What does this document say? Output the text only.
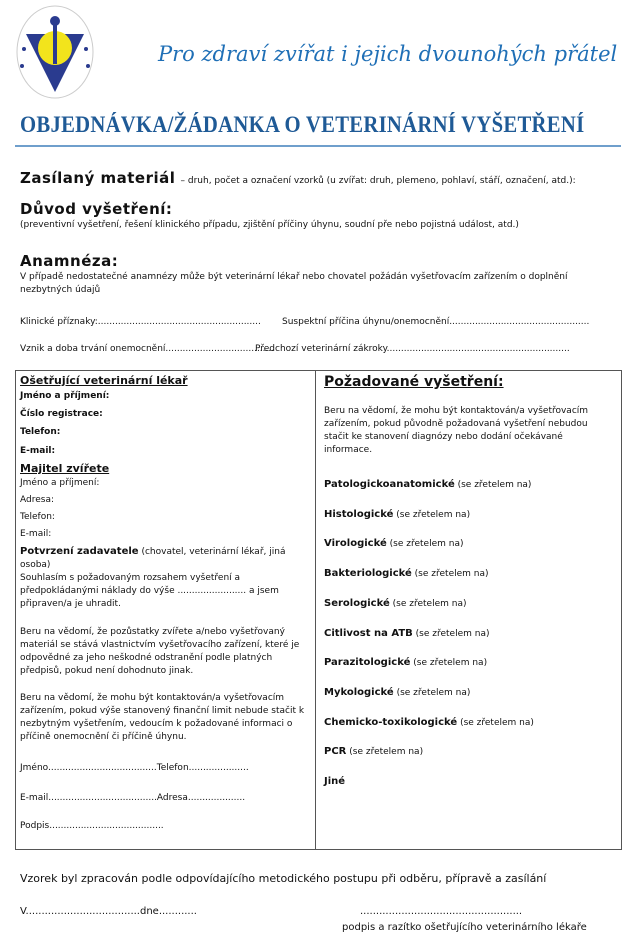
Pro zdraví zvířat i jejich dvounohých přátel
OBJEDNÁVKA/ŽÁDANKA O VETERINÁRNÍ VYŠETŘENÍ
Zasílaný materiál – druh, počet a označení vzorků (u zvířat: druh, plemeno, pohlaví, stáří, označení, atd.):
Důvod vyšetření:
(preventivní vyšetření, řešení klinického případu, zjištění příčiny úhynu, soudní pře nebo pojistná událost, atd.)
Anamnéza:
V případě nedostatečné anamnézy může být veterinární lékař nebo chovatel požádán vyšetřovacím zařízením o doplnění nezbytných údajů
Klinické příznaky:......................................................... Suspektní příčina úhynu/onemocnění.................................................
Vznik a doba trvání onemocnění......................................
Předchozí veterinární zákroky................................................................
Ošetřující veterinární lékař
Jméno a příjmení:
Číslo registrace:
Telefon:
E-mail:
Majitel zvířete
Jméno a příjmení:
Adresa:
Telefon:
E-mail:
Potvrzení zadavatele (chovatel, veterinární lékař, jiná osoba)
Souhlasím s požadovaným rozsahem vyšetření a předpokládanými náklady do výše ........................ a jsem připraven/a je uhradit.
Beru na vědomí, že pozůstatky zvířete a/nebo vyšetřovaný materiál se stává vlastnictvím vyšetřovacího zařízení, které je odpovědné za jeho neškodné odstranění podle platných předpisů, pokud není dohodnuto jinak.
Beru na vědomí, že mohu být kontaktován/a vyšetřovacím zařízením, pokud výše stanovený finanční limit nebude stačit k nezbytným vyšetřením, vedoucím k požadované informaci o příčině onemocnění či příčině úhynu.
Jméno......................................Telefon.....................
E-mail......................................Adresa....................
Podpis........................................
Požadované vyšetření:
Beru na vědomí, že mohu být kontaktován/a vyšetřovacím zařízením, pokud původně požadovaná vyšetření nebudou stačit ke stanovení diagnózy nebo dodání očekávané informace.
Patologickoanatomické (se zřetelem na)
Histologické (se zřetelem na)
Virologické (se zřetelem na)
Bakteriologické (se zřetelem na)
Serologické (se zřetelem na)
Citlivost na ATB (se zřetelem na)
Parazitologické (se zřetelem na)
Mykologické (se zřetelem na)
Chemicko-toxikologické (se zřetelem na)
PCR (se zřetelem na)
Jiné
Vzorek byl zpracován podle odpovídajícího metodického postupu při odběru, přípravě a zasílání
V....................................dne............	...................................................
podpis a razítko ošetřujícího veterinárního lékaře
